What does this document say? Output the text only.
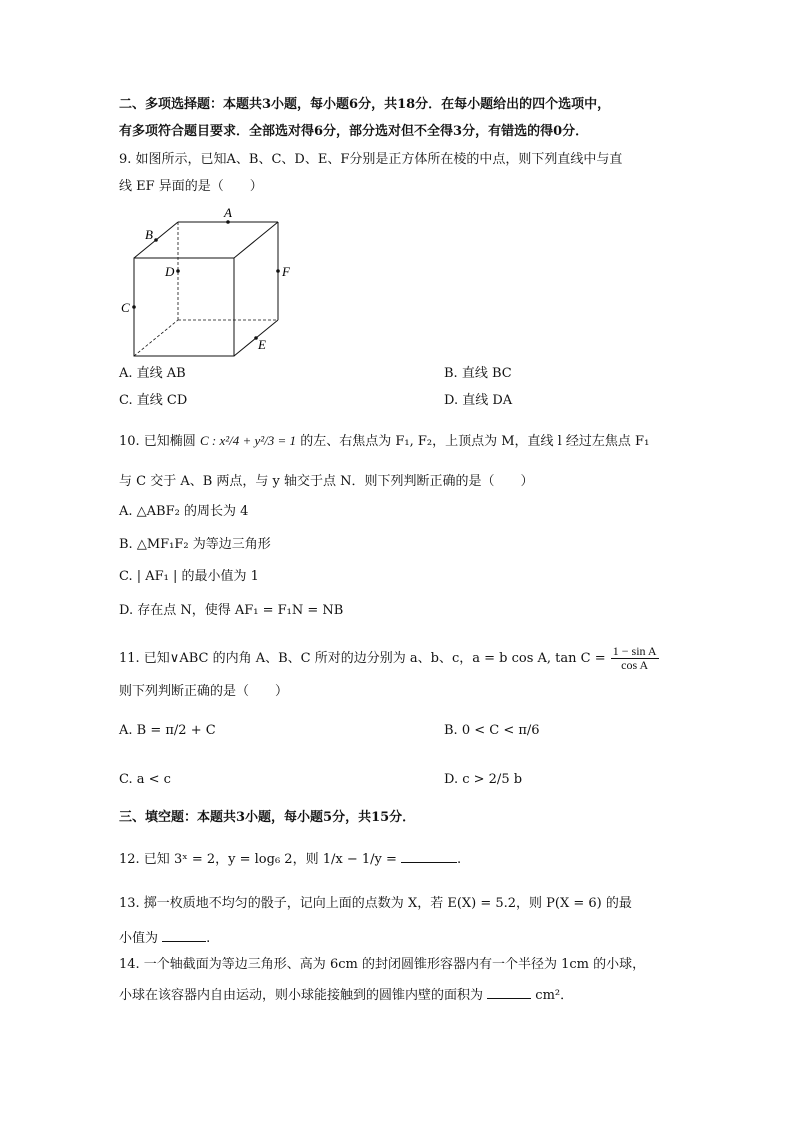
二、多项选择题：本题共3小题，每小题6分，共18分．在每小题给出的四个选项中，
有多项符合题目要求．全部选对得6分，部分选对但不全得3分，有错选的得0分．
9. 如图所示，已知A、B、C、D、E、F分别是正方体所在棱的中点，则下列直线中与直
线 EF 异面的是（　　）
A
B
C
D
E
F
A. 直线 AB	B. 直线 BC
C. 直线 CD	D. 直线 DA
10. 已知椭圆 C : x²/4 + y²/3 = 1 的左、右焦点为 F₁, F₂，上顶点为 M，直线 l 经过左焦点 F₁
与 C 交于 A、B 两点，与 y 轴交于点 N．则下列判断正确的是（　　）
A. △ABF₂ 的周长为 4
B. △MF₁F₂ 为等边三角形
C. | AF₁ | 的最小值为 1
D. 存在点 N，使得 AF₁ = F₁N = NB
11. 已知∨ABC 的内角 A、B、C 所对的边分别为 a、b、c，a = b cos A, $\tan C = \frac{\text{1 − sin A}}{\text{cos A}}$
则下列判断正确的是（　　）
A. B = π/2 + C	B. 0 < C < π/6
C. a < c	D. c > 2/5 b
三、填空题：本题共3小题，每小题5分，共15分．
12. 已知 3ˣ = 2，y = log₆ 2，则 1/x − 1/y =	.
13. 掷一枚质地不均匀的骰子，记向上面的点数为 X，若 E(X) = 5.2，则 P(X = 6) 的最
小值为	.
14. 一个轴截面为等边三角形、高为 6cm 的封闭圆锥形容器内有一个半径为 1cm 的小球，
小球在该容器内自由运动，则小球能接触到的圆锥内壁的面积为	cm²．
